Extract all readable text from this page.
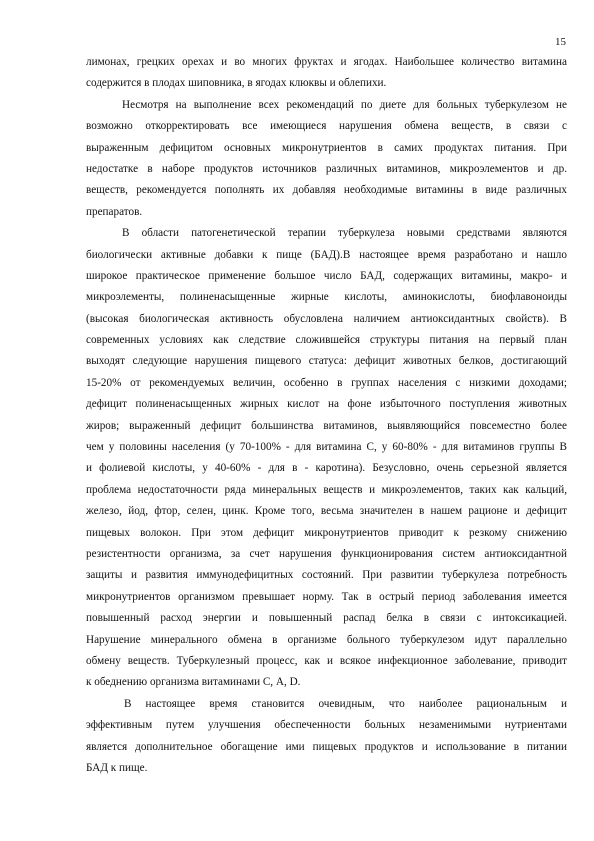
15
лимонах, грецких орехах и во многих фруктах и ягодах. Наибольшее количество витамина
содержится в плодах шиповника, в ягодах клюквы и облепихи.
Несмотря на выполнение всех рекомендаций по диете для больных туберкулезом не
возможно откорректировать все имеющиеся нарушения обмена веществ, в связи с
выраженным дефицитом основных микронутриентов в самих продуктах питания. При
недостатке в наборе продуктов источников различных витаминов, микроэлементов и др.
веществ, рекомендуется пополнять их добавляя необходимые витамины в виде различных
препаратов.
В области патогенетической терапии туберкулеза новыми средствами являются
биологически активные добавки к пище (БАД).В настоящее время разработано и нашло
широкое практическое применение большое число БАД, содержащих витамины, макро- и
микроэлементы, полиненасыщенные жирные кислоты, аминокислоты, биофлавоноиды
(высокая биологическая активность обусловлена наличием антиоксидантных свойств). В
современных условиях как следствие сложившейся структуры питания на первый план
выходят следующие нарушения пищевого статуса: дефицит животных белков, достигающий
15-20% от рекомендуемых величин, особенно в группах населения с низкими доходами;
дефицит полиненасыщенных жирных кислот на фоне избыточного поступления животных
жиров; выраженный дефицит большинства витаминов, выявляющийся повсеместно более
чем у половины населения (у 70-100% - для витамина С, у 60-80% - для витаминов группы В
и фолиевой кислоты, у 40-60% - для в - каротина). Безусловно, очень серьезной является
проблема недостаточности ряда минеральных веществ и микроэлементов, таких как кальций,
железо, йод, фтор, селен, цинк. Кроме того, весьма значителен в нашем рационе и дефицит
пищевых волокон. При этом дефицит микронутриентов приводит к резкому снижению
резистентности организма, за счет нарушения функционирования систем антиоксидантной
защиты и развития иммунодефицитных состояний. При развитии туберкулеза потребность
микронутриентов организмом превышает норму. Так в острый период заболевания имеется
повышенный расход энергии и повышенный распад белка в связи с интоксикацией.
Нарушение минерального обмена в организме больного туберкулезом идут параллельно
обмену веществ. Туберкулезный процесс, как и всякое инфекционное заболевание, приводит
к обеднению организма витаминами С, А, D.
В настоящее время становится очевидным, что наиболее рациональным и
эффективным путем улучшения обеспеченности больных незаменимыми нутриентами
является дополнительное обогащение ими пищевых продуктов и использование в питании
БАД к пище.
